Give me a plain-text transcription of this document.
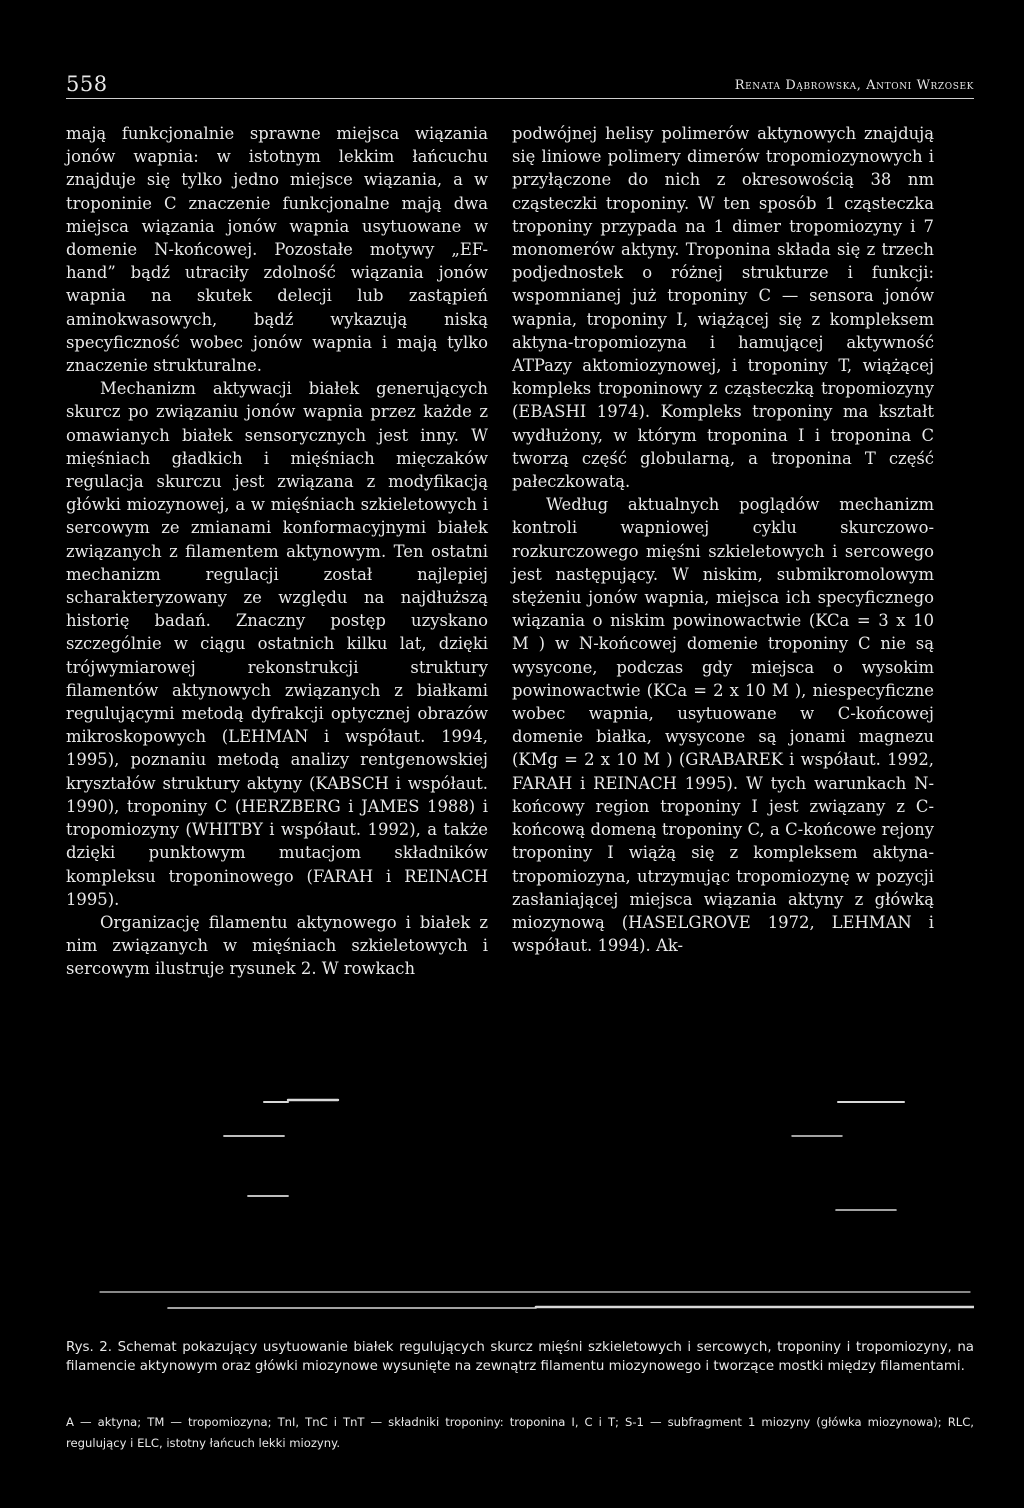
558	Renata Dąbrowska, Antoni Wrzosek

mają funkcjonalnie sprawne miejsca wiązania jonów wapnia: w istotnym lekkim łańcuchu znajduje się tylko jedno miejsce wiązania, a w troponinie C znaczenie funkcjonalne mają dwa miejsca wiązania jonów wapnia usytuowane w domenie N-końcowej. Pozostałe motywy „EF-hand” bądź utraciły zdolność wiązania jonów wapnia na skutek delecji lub zastąpień aminokwasowych, bądź wykazują niską specyficzność wobec jonów wapnia i mają tylko znaczenie strukturalne.

Mechanizm aktywacji białek generujących skurcz po związaniu jonów wapnia przez każde z omawianych białek sensorycznych jest inny. W mięśniach gładkich i mięśniach mięczaków regulacja skurczu jest związana z modyfikacją główki miozynowej, a w mięśniach szkieletowych i sercowym ze zmianami konformacyjnymi białek związanych z filamentem aktynowym. Ten ostatni mechanizm regulacji został najlepiej scharakteryzowany ze względu na najdłuższą historię badań. Znaczny postęp uzyskano szczególnie w ciągu ostatnich kilku lat, dzięki trójwymiarowej rekonstrukcji struktury filamentów aktynowych związanych z białkami regulującymi metodą dyfrakcji optycznej obrazów mikroskopowych (LEHMAN i współaut. 1994, 1995), poznaniu metodą analizy rentgenowskiej kryształów struktury aktyny (KABSCH i współaut. 1990), troponiny C (HERZBERG i JAMES 1988) i tropomiozyny (WHITBY i współaut. 1992), a także dzięki punktowym mutacjom składników kompleksu troponinowego (FARAH i REINACH 1995).

Organizację filamentu aktynowego i białek z nim związanych w mięśniach szkieletowych i sercowym ilustruje rysunek 2. W rowkach

podwójnej helisy polimerów aktynowych znajdują się liniowe polimery dimerów tropomiozynowych i przyłączone do nich z okresowością 38 nm cząsteczki troponiny. W ten sposób 1 cząsteczka troponiny przypada na 1 dimer tropomiozyny i 7 monomerów aktyny. Troponina składa się z trzech podjednostek o różnej strukturze i funkcji: wspomnianej już troponiny C — sensora jonów wapnia, troponiny I, wiążącej się z kompleksem aktyna-tropomiozyna i hamującej aktywność ATPazy aktomiozynowej, i troponiny T, wiążącej kompleks troponinowy z cząsteczką tropomiozyny (EBASHI 1974). Kompleks troponiny ma kształt wydłużony, w którym troponina I i troponina C tworzą część globularną, a troponina T część pałeczkowatą.

Według aktualnych poglądów mechanizm kontroli wapniowej cyklu skurczowo-rozkurczowego mięśni szkieletowych i sercowego jest następujący. W niskim, submikromolowym stężeniu jonów wapnia, miejsca ich specyficznego wiązania o niskim powinowactwie (KCa = 3 x 10 M ) w N-końcowej domenie troponiny C nie są wysycone, podczas gdy miejsca o wysokim powinowactwie (KCa = 2 x 10 M ), niespecyficzne wobec wapnia, usytuowane w C-końcowej domenie białka, wysycone są jonami magnezu (KMg = 2 x 10 M ) (GRABAREK i współaut. 1992, FARAH i REINACH 1995). W tych warunkach N-końcowy region troponiny I jest związany z C-końcową domeną troponiny C, a C-końcowe rejony troponiny I wiążą się z kompleksem aktyna-tropomiozyna, utrzymując tropomiozynę w pozycji zasłaniającej miejsca wiązania aktyny z główką miozynową (HASELGROVE 1972, LEHMAN i współaut. 1994). Ak-

Rys. 2. Schemat pokazujący usytuowanie białek regulujących skurcz mięśni szkieletowych i sercowych, troponiny i tropomiozyny, na filamencie aktynowym oraz główki miozynowe wysunięte na zewnątrz filamentu miozynowego i tworzące mostki między filamentami.
A — aktyna; TM — tropomiozyna; TnI, TnC i TnT — składniki troponiny: troponina I, C i T; S-1 — subfragment 1 miozyny (główka miozynowa); RLC, regulujący i ELC, istotny łańcuch lekki miozyny.
